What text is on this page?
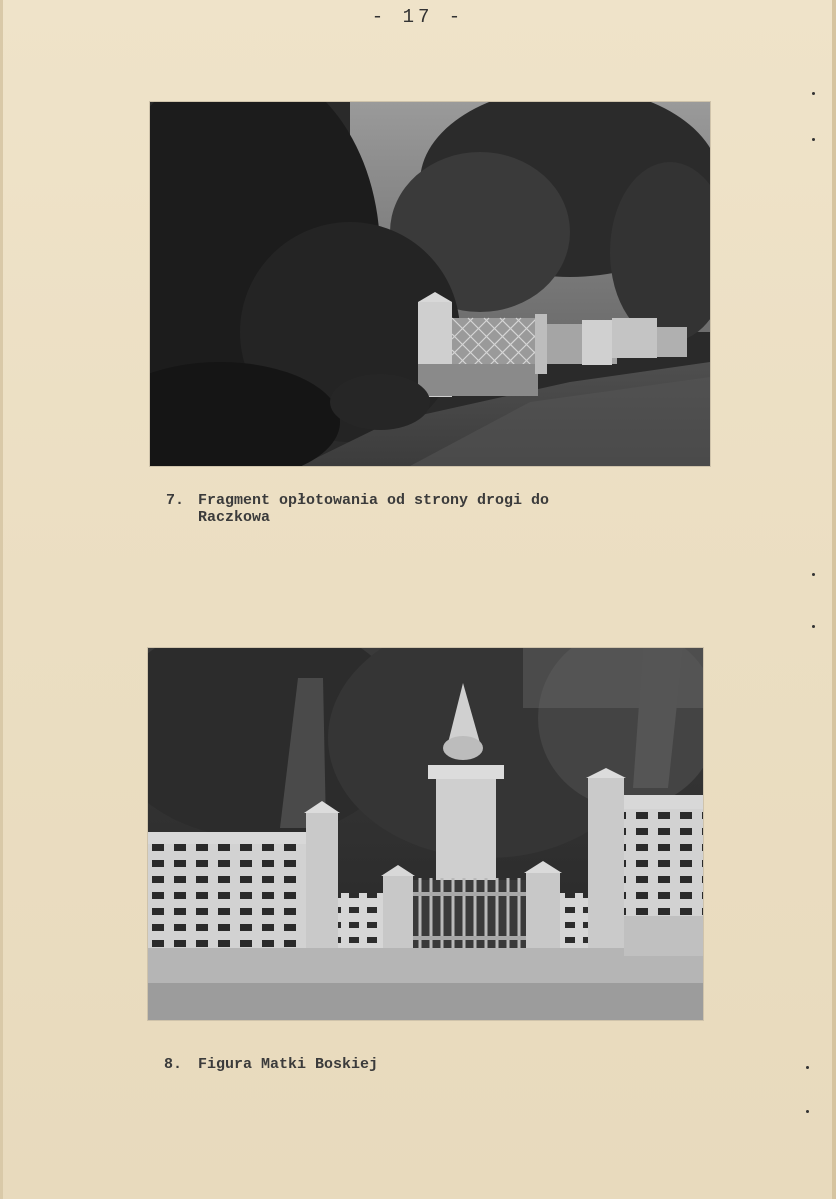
- 17 -
7. Fragment opłotowania od strony drogi do
Raczkowa
8. Figura Matki Boskiej
